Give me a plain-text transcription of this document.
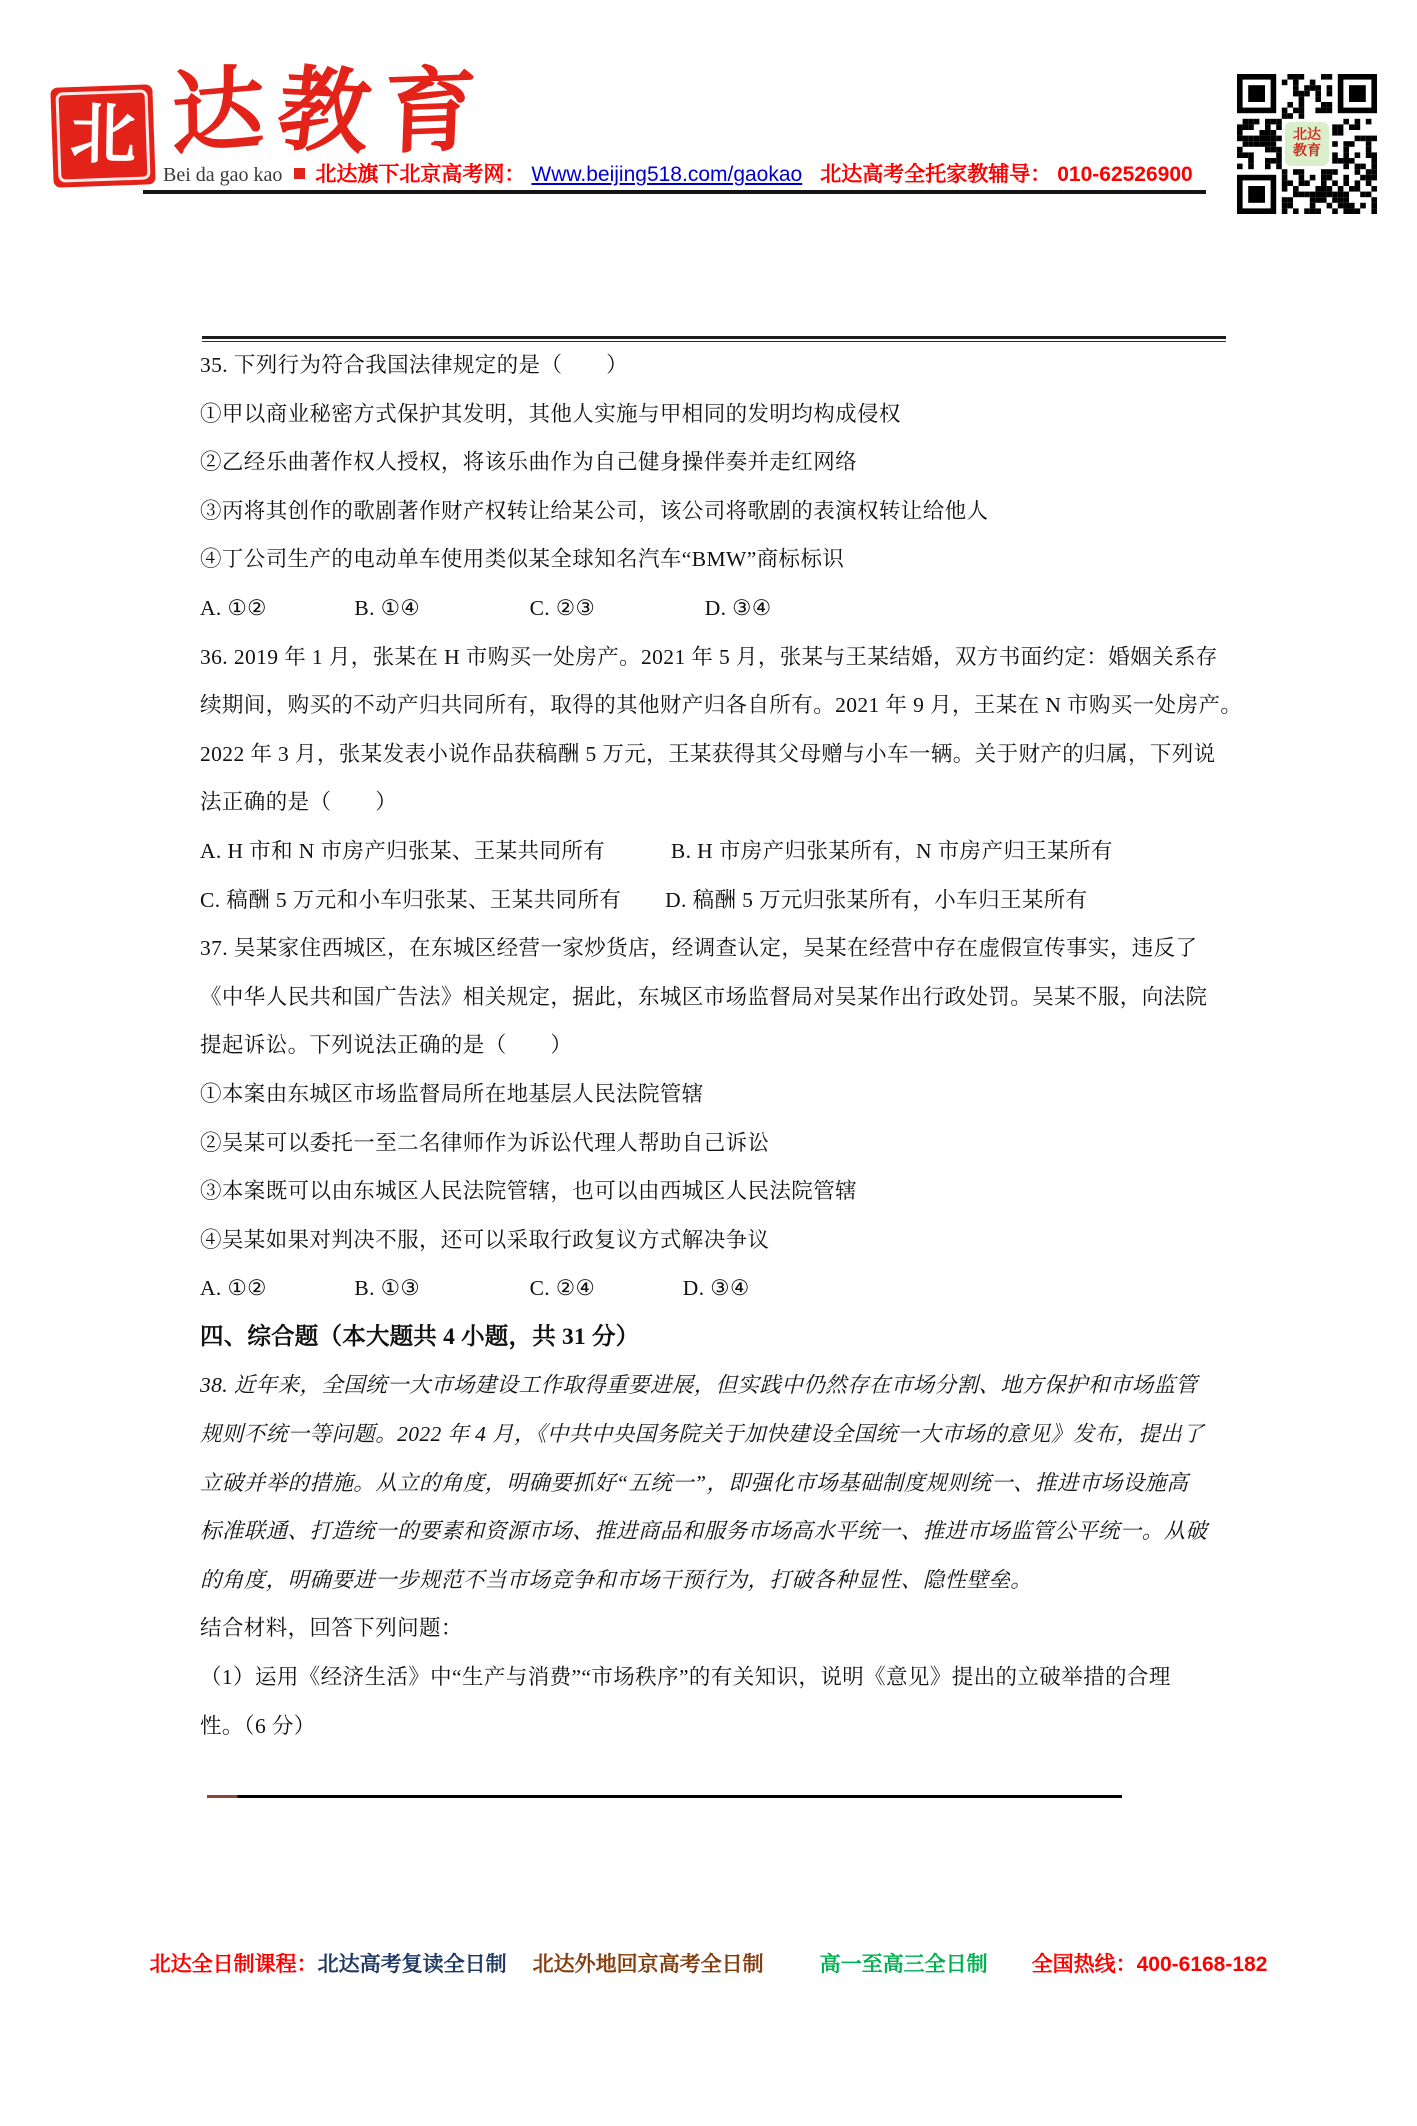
北 达 教 育
Bei da gao kao 北达旗下北京高考网： Www.beijing518.com/gaokao 北达高考全托家教辅导： 010-62526900
北达
教育
35. 下列行为符合我国法律规定的是（　　）
①甲以商业秘密方式保护其发明，其他人实施与甲相同的发明均构成侵权
②乙经乐曲著作权人授权，将该乐曲作为自己健身操伴奏并走红网络
③丙将其创作的歌剧著作财产权转让给某公司，该公司将歌剧的表演权转让给他人
④丁公司生产的电动单车使用类似某全球知名汽车“BMW”商标标识
A. ①②　　　　B. ①④　　　　　C. ②③　　　　　D. ③④
36. 2019 年 1 月，张某在 H 市购买一处房产。2021 年 5 月，张某与王某结婚，双方书面约定：婚姻关系存
续期间，购买的不动产归共同所有，取得的其他财产归各自所有。2021 年 9 月，王某在 N 市购买一处房产。
2022 年 3 月，张某发表小说作品获稿酬 5 万元，王某获得其父母赠与小车一辆。关于财产的归属，下列说
法正确的是（　　）
A. H 市和 N 市房产归张某、王某共同所有　　　B. H 市房产归张某所有，N 市房产归王某所有
C. 稿酬 5 万元和小车归张某、王某共同所有　　D. 稿酬 5 万元归张某所有，小车归王某所有
37. 吴某家住西城区，在东城区经营一家炒货店，经调查认定，吴某在经营中存在虚假宣传事实，违反了
《中华人民共和国广告法》相关规定，据此，东城区市场监督局对吴某作出行政处罚。吴某不服，向法院
提起诉讼。下列说法正确的是（　　）
①本案由东城区市场监督局所在地基层人民法院管辖
②吴某可以委托一至二名律师作为诉讼代理人帮助自己诉讼
③本案既可以由东城区人民法院管辖，也可以由西城区人民法院管辖
④吴某如果对判决不服，还可以采取行政复议方式解决争议
A. ①②　　　　B. ①③　　　　　C. ②④　　　　D. ③④
四、综合题（本大题共 4 小题，共 31 分）
38. 近年来，全国统一大市场建设工作取得重要进展，但实践中仍然存在市场分割、地方保护和市场监管
规则不统一等问题。2022 年 4 月，《中共中央国务院关于加快建设全国统一大市场的意见》发布，提出了
立破并举的措施。从立的角度，明确要抓好“五统一”，即强化市场基础制度规则统一、推进市场设施高
标准联通、打造统一的要素和资源市场、推进商品和服务市场高水平统一、推进市场监管公平统一。从破
的角度，明确要进一步规范不当市场竞争和市场干预行为，打破各种显性、隐性壁垒。
结合材料，回答下列问题：
（1）运用《经济生活》中“生产与消费”“市场秩序”的有关知识，说明《意见》提出的立破举措的合理
性。（6 分）
北达全日制课程： 北达高考复读全日制 北达外地回京高考全日制	高一至高三全日制 全国热线：400-6168-182
